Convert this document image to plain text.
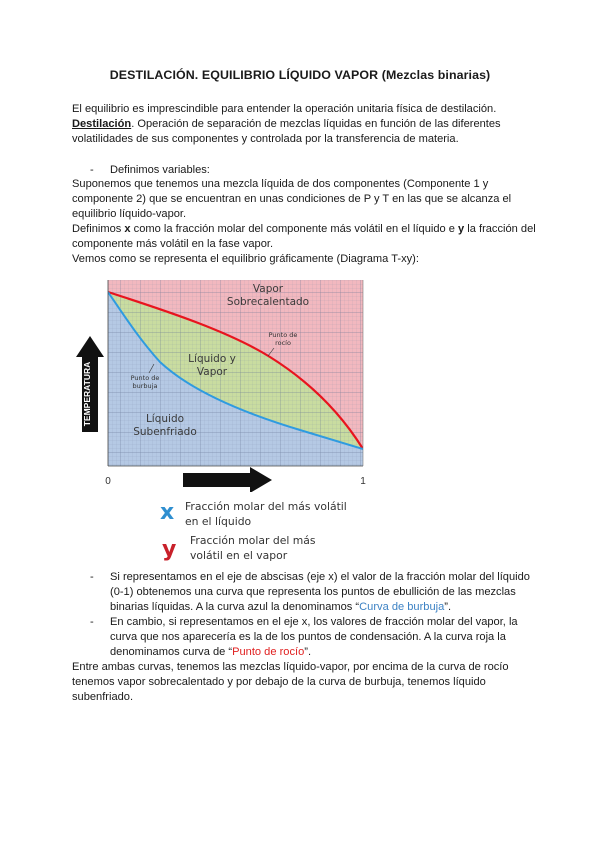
DESTILACIÓN. EQUILIBRIO LÍQUIDO VAPOR (Mezclas binarias)
El equilibrio es imprescindible para entender la operación unitaria física de destilación.
Destilación. Operación de separación de mezclas líquidas en función de las diferentes volatilidades de sus componentes y controlada por la transferencia de materia.
- Definimos variables:
Suponemos que tenemos una mezcla líquida de dos componentes (Componente 1 y componente 2) que se encuentran en unas condiciones de P y T en las que se alcanza el equilibrio líquido-vapor.
Definimos x como la fracción molar del componente más volátil en el líquido e y la fracción del componente más volátil en la fase vapor.
Vemos como se representa el equilibrio gráficamente (Diagrama T-xy):
Vapor
Sobrecalentado
Líquido y
Vapor
Líquido
Subenfriado
Punto de
rocío
Punto de
burbuja
TEMPERATURA
0	1
x Fracción molar del más volátil
en el líquido
y Fracción molar del más
volátil en el vapor
- Si representamos en el eje de abscisas (eje x) el valor de la fracción molar del líquido (0-1) obtenemos una curva que representa los puntos de ebullición de las mezclas binarias líquidas. A la curva azul la denominamos “Curva de burbuja”.
- En cambio, si representamos en el eje x, los valores de fracción molar del vapor, la curva que nos aparecería es la de los puntos de condensación. A la curva roja la denominamos curva de “Punto de rocío”.
Entre ambas curvas, tenemos las mezclas líquido-vapor, por encima de la curva de rocío tenemos vapor sobrecalentado y por debajo de la curva de burbuja, tenemos líquido subenfriado.
